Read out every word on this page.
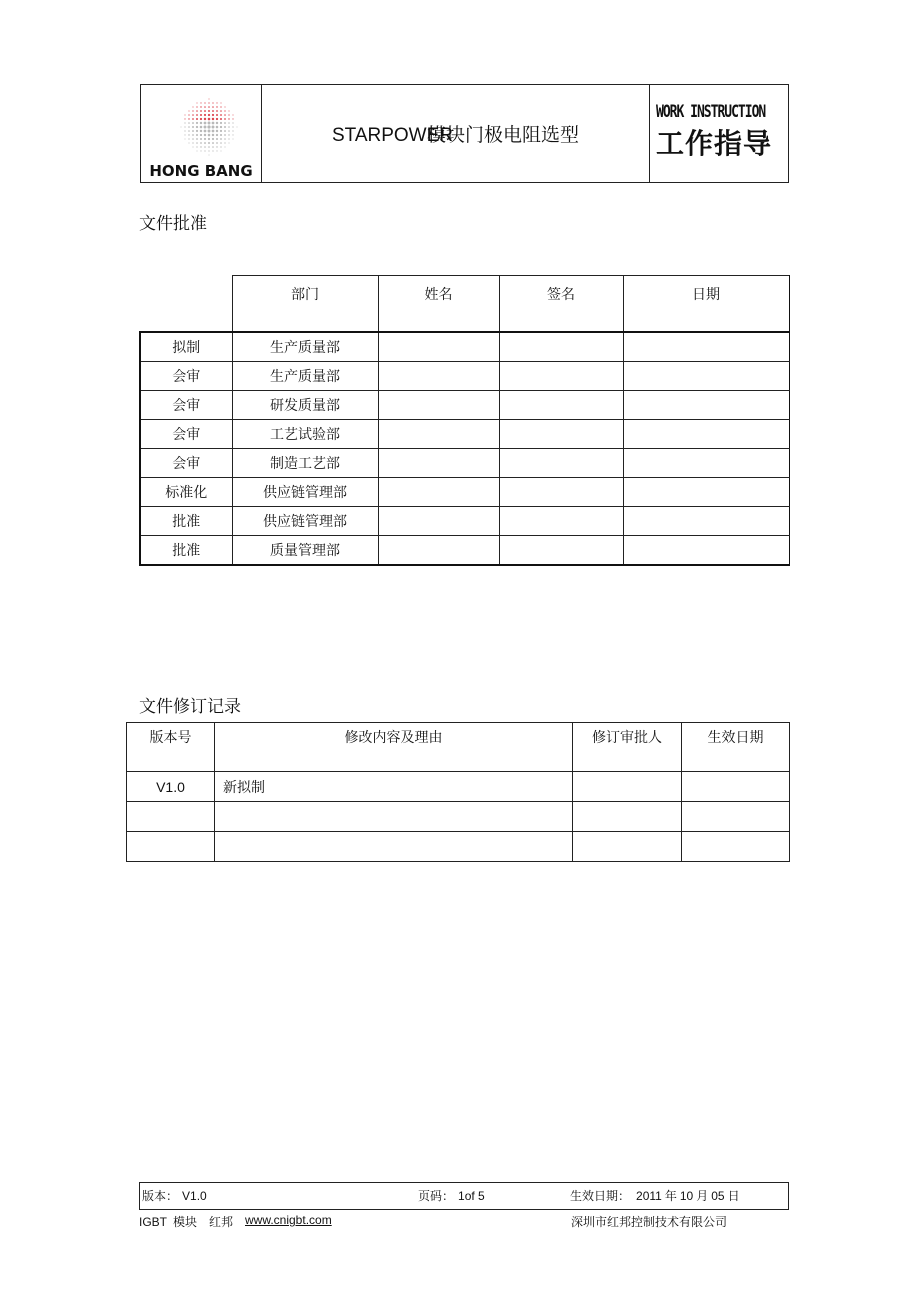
HONG BANG
	STARPOWER模块门极电阻选型	
WORK INSTRUCTION
工作指导
文件批准
	部门	姓名	签名	日期
拟制	生产质量部			
会审	生产质量部			
会审	研发质量部			
会审	工艺试验部			
会审	制造工艺部			
标准化	供应链管理部			
批准	供应链管理部			
批准	质量管理部			
文件修订记录
版本号	修改内容及理由	修订审批人	生效日期
V1.0	新拟制		

版本： V1.0	页码： 1of 5	生效日期： 2011 年 10 月 05 日
IGBT 模块 红邦 www.cnigbt.com	深圳市红邦控制技术有限公司
